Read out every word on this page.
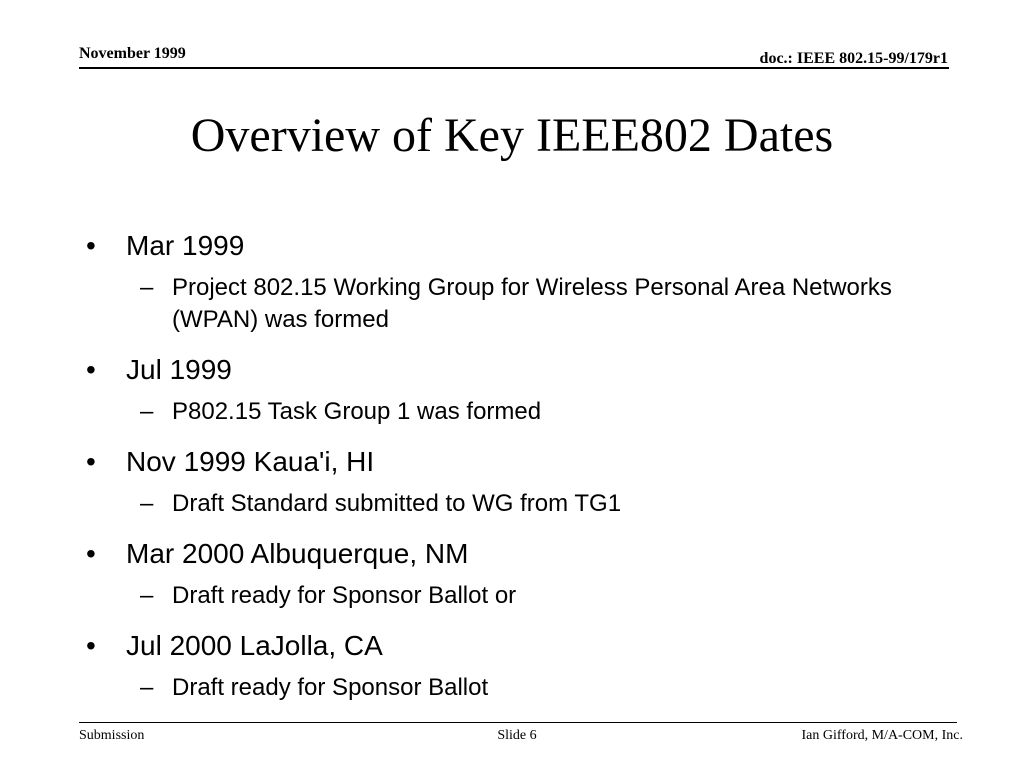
November 1999	doc.: IEEE 802.15-99/179r1
Overview of Key IEEE802 Dates
• Mar 1999
– Project 802.15 Working Group for Wireless Personal Area Networks (WPAN) was formed
• Jul 1999
– P802.15 Task Group 1 was formed
• Nov 1999 Kaua'i, HI
– Draft Standard submitted to WG from TG1
• Mar 2000 Albuquerque, NM
– Draft ready for Sponsor Ballot or
• Jul 2000 LaJolla, CA
– Draft ready for Sponsor Ballot
Submission	Slide 6	Ian Gifford, M/A-COM, Inc.
